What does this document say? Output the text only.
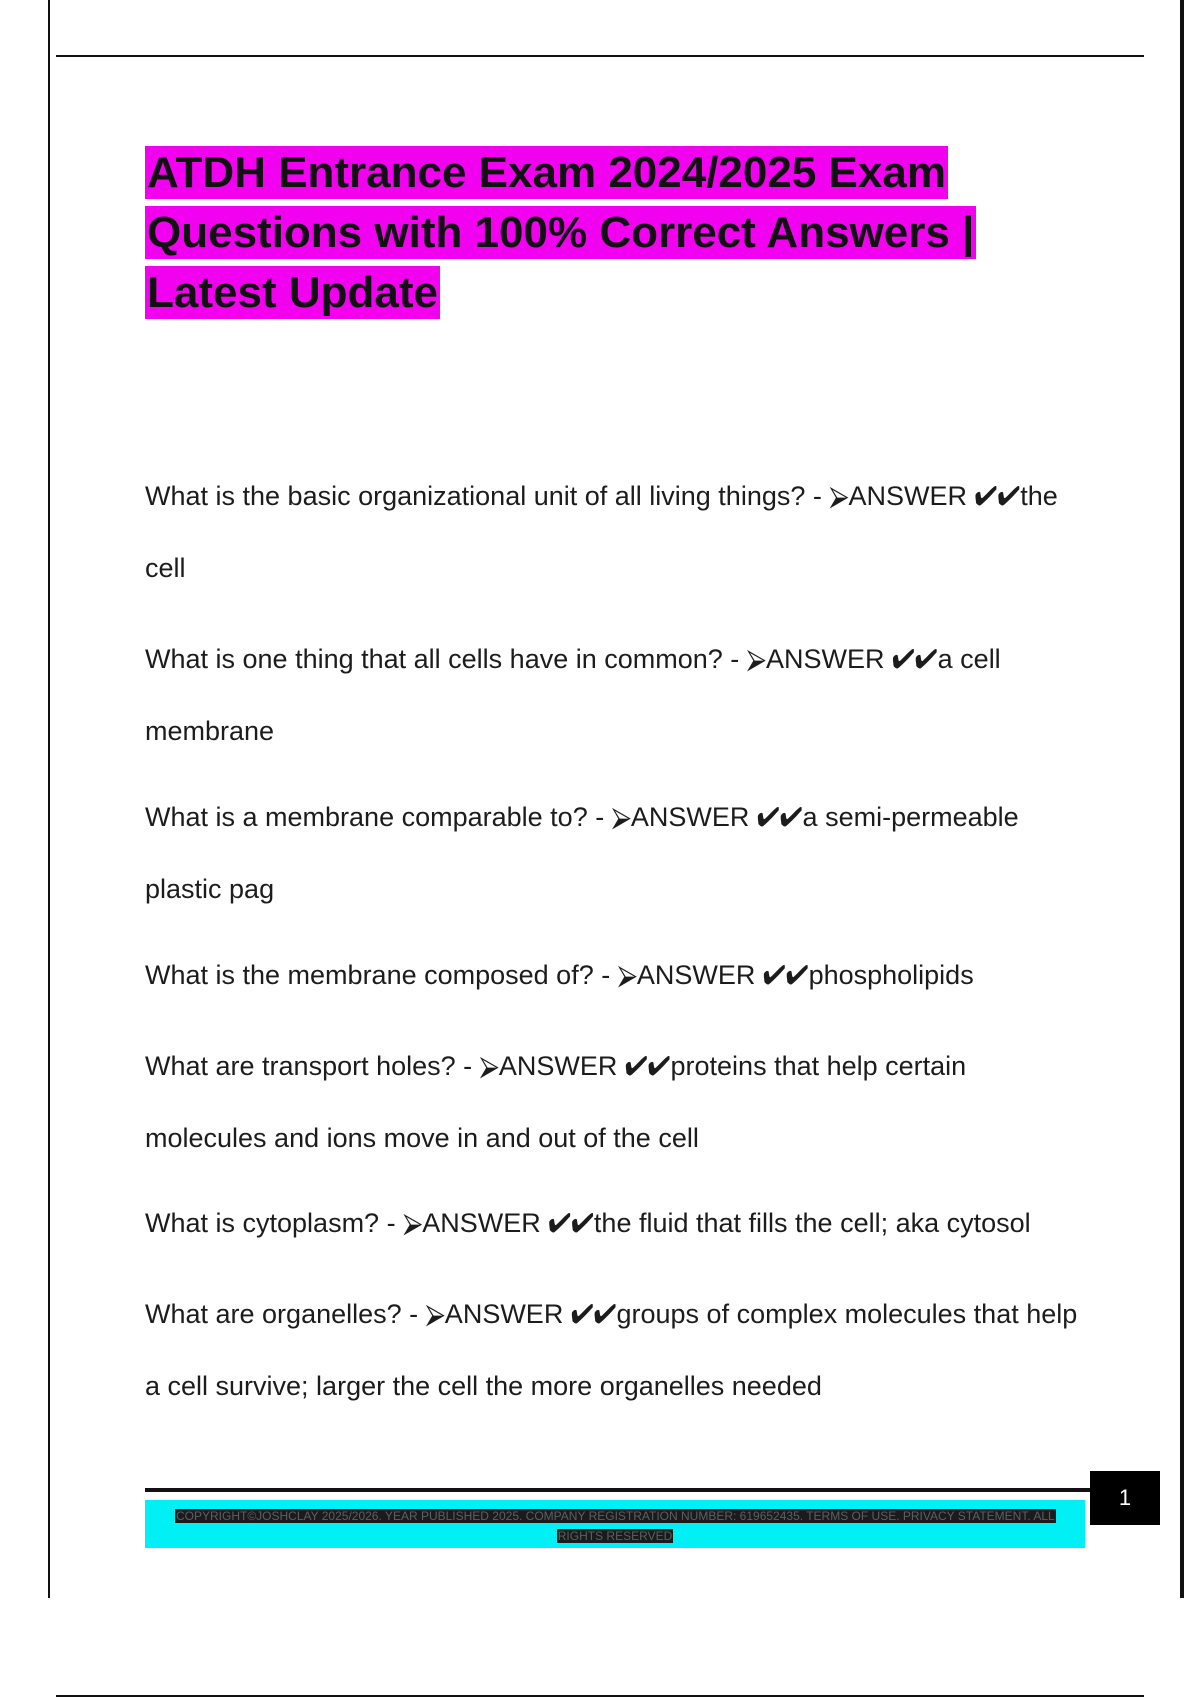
ATDH Entrance Exam 2024/2025 Exam Questions with 100% Correct Answers | Latest Update

What is the basic organizational unit of all living things? - ⮚ANSWER ✔✔the cell

What is one thing that all cells have in common? - ⮚ANSWER ✔✔a cell membrane

What is a membrane comparable to? - ⮚ANSWER ✔✔a semi-permeable plastic pag

What is the membrane composed of? - ⮚ANSWER ✔✔phospholipids

What are transport holes? - ⮚ANSWER ✔✔proteins that help certain molecules and ions move in and out of the cell

What is cytoplasm? - ⮚ANSWER ✔✔the fluid that fills the cell; aka cytosol

What are organelles? - ⮚ANSWER ✔✔groups of complex molecules that help a cell survive; larger the cell the more organelles needed

COPYRIGHT©JOSHCLAY 2025/2026. YEAR PUBLISHED 2025. COMPANY REGISTRATION NUMBER: 619652435. TERMS OF USE. PRIVACY STATEMENT. ALL RIGHTS RESERVED
1
